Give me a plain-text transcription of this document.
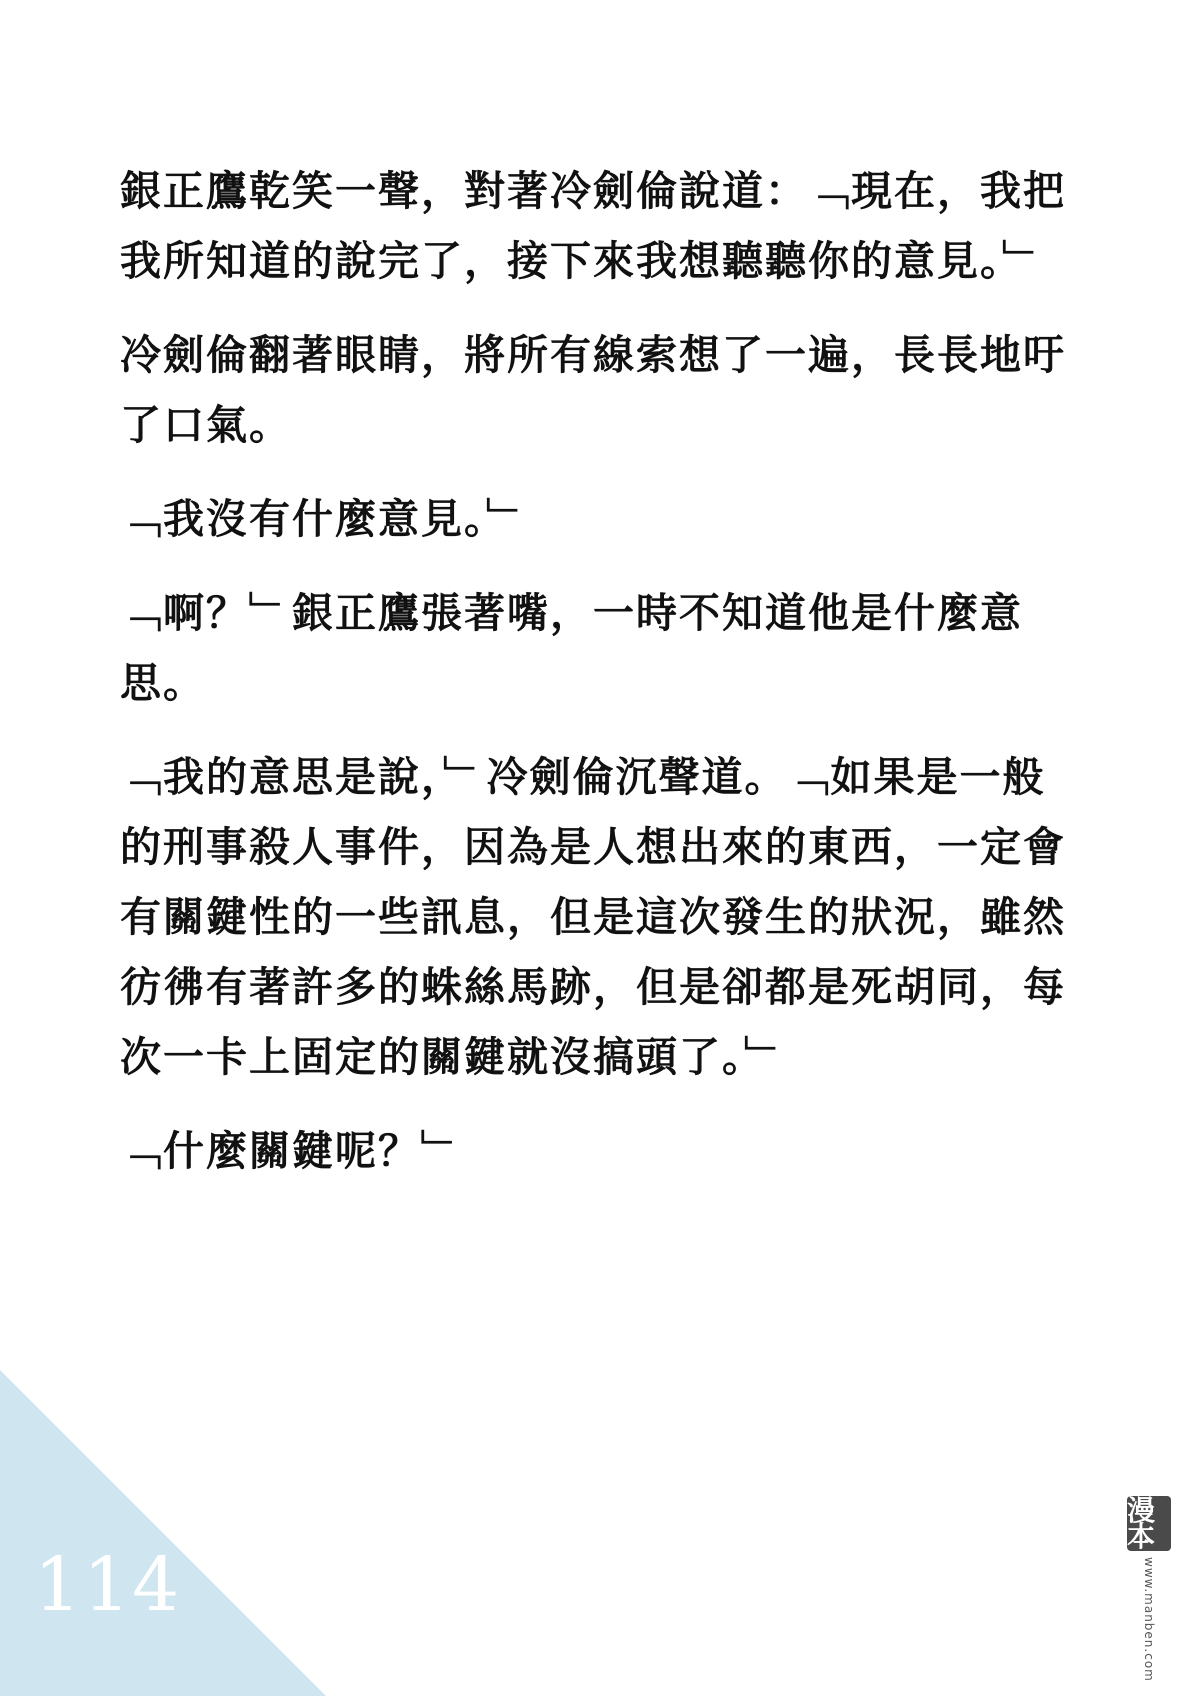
銀正鷹乾笑一聲，對著冷劍倫說道：﹁現在，我把我所知道的說完了，接下來我想聽聽你的意見。﹂

冷劍倫翻著眼睛，將所有線索想了一遍，長長地吁了口氣。

﹁我沒有什麼意見。﹂

﹁啊？﹂銀正鷹張著嘴，一時不知道他是什麼意思。

﹁我的意思是說，﹂冷劍倫沉聲道。﹁如果是一般的刑事殺人事件，因為是人想出來的東西，一定會有關鍵性的一些訊息，但是這次發生的狀況，雖然彷彿有著許多的蛛絲馬跡，但是卻都是死胡同，每次一卡上固定的關鍵就沒搞頭了。﹂

﹁什麼關鍵呢？﹂

114
漫本
www.manben.com
